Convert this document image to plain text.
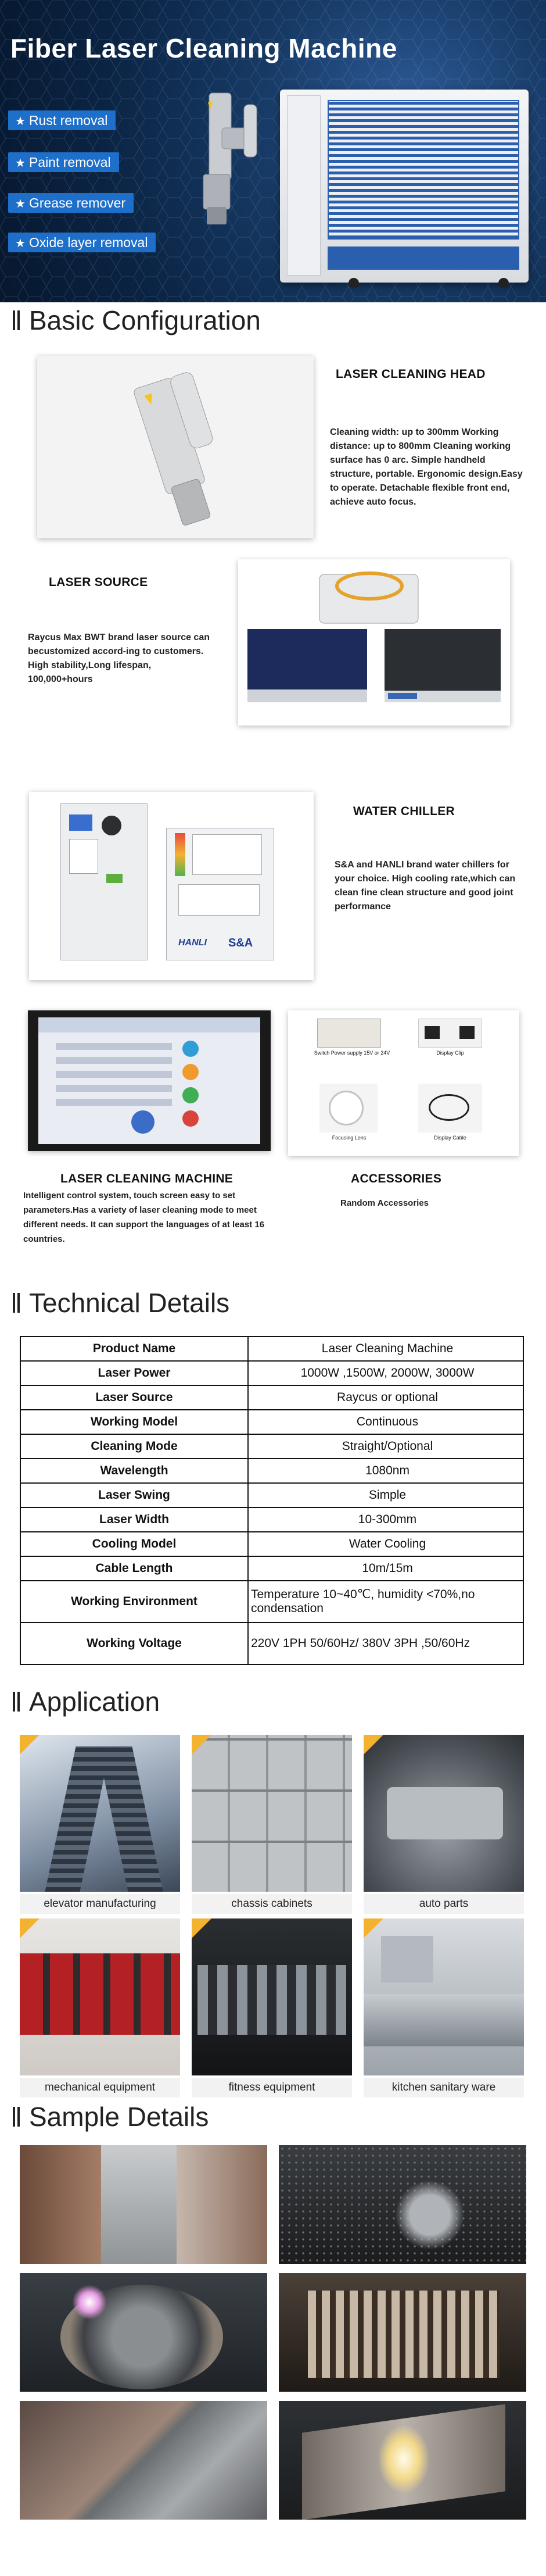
Fiber Laser Cleaning Machine
★ Rust removal
★ Paint removal
★ Grease remover
★ Oxide layer removal
Basic Configuration
LASER CLEANING HEAD
Cleaning width: up to 300mm Working distance: up to 800mm Cleaning working surface has 0 arc. Simple handheld structure, portable. Ergonomic design.Easy to operate. Detachable flexible front end, achieve auto focus.
LASER SOURCE
Raycus Max BWT brand laser source can becustomized accord-ing to customers. High stability,Long lifespan, 100,000+hours
S&A
HANLI
WATER CHILLER
S&A and HANLI brand water chillers for your choice. High cooling rate,which can clean fine clean structure and good joint performance
Switch Power supply 15V or 24V	Display Clip
Focusing Lens	Display Cable
LASER CLEANING MACHINE
Intelligent control system, touch screen easy to set parameters.Has a variety of laser cleaning mode to meet different needs. It can support the languages of at least 16 countries.
ACCESSORIES
Random Accessories
Technical Details
Product Name	Laser Cleaning Machine
Laser Power	1000W ,1500W, 2000W, 3000W
Laser Source	Raycus or optional
Working Model	Continuous
Cleaning Mode	Straight/Optional
Wavelength	1080nm
Laser Swing	Simple
Laser Width	10-300mm
Cooling Model	Water Cooling
Cable Length	10m/15m
Working Environment	Temperature 10~40℃, humidity <70%,no condensation
Working Voltage	220V 1PH 50/60Hz/ 380V 3PH ,50/60Hz
Application
elevator manufacturing	chassis cabinets	auto parts
mechanical equipment	fitness equipment	kitchen sanitary ware
Sample Details
